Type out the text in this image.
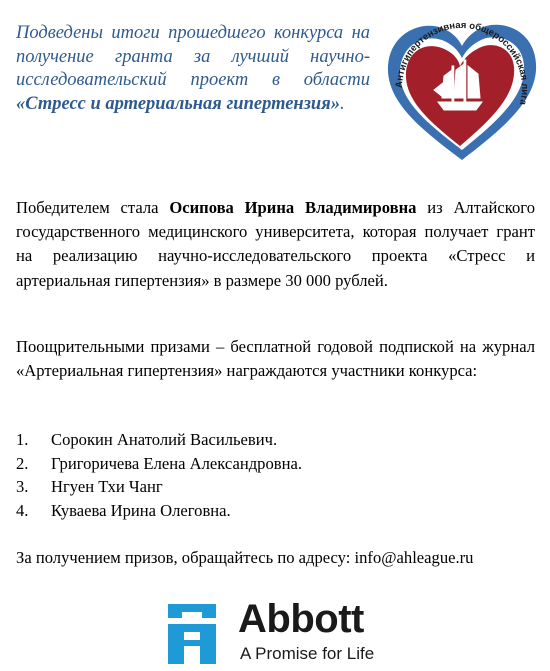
Подведены итоги прошедшего конкурса на получение гранта за лучший научно-исследовательский проект в области «Стресс и артериальная гипертензия».
Антигипертензивная общероссийская лига
Победителем стала Осипова Ирина Владимировна из Алтайского государственного медицинского университета, которая получает грант на реализацию научно-исследовательского проекта «Стресс и артериальная гипертензия» в размере 30 000 рублей.
Поощрительными призами – бесплатной годовой подпиской на журнал «Артериальная гипертензия» награждаются участники конкурса:
1.	Сорокин Анатолий Васильевич.
2.	Григоричева Елена Александровна.
3.	Нгуен Тхи Чанг
4.	Куваева Ирина Олеговна.
За получением призов, обращайтесь по адресу: info@ahleague.ru
Abbott
A Promise for Life
